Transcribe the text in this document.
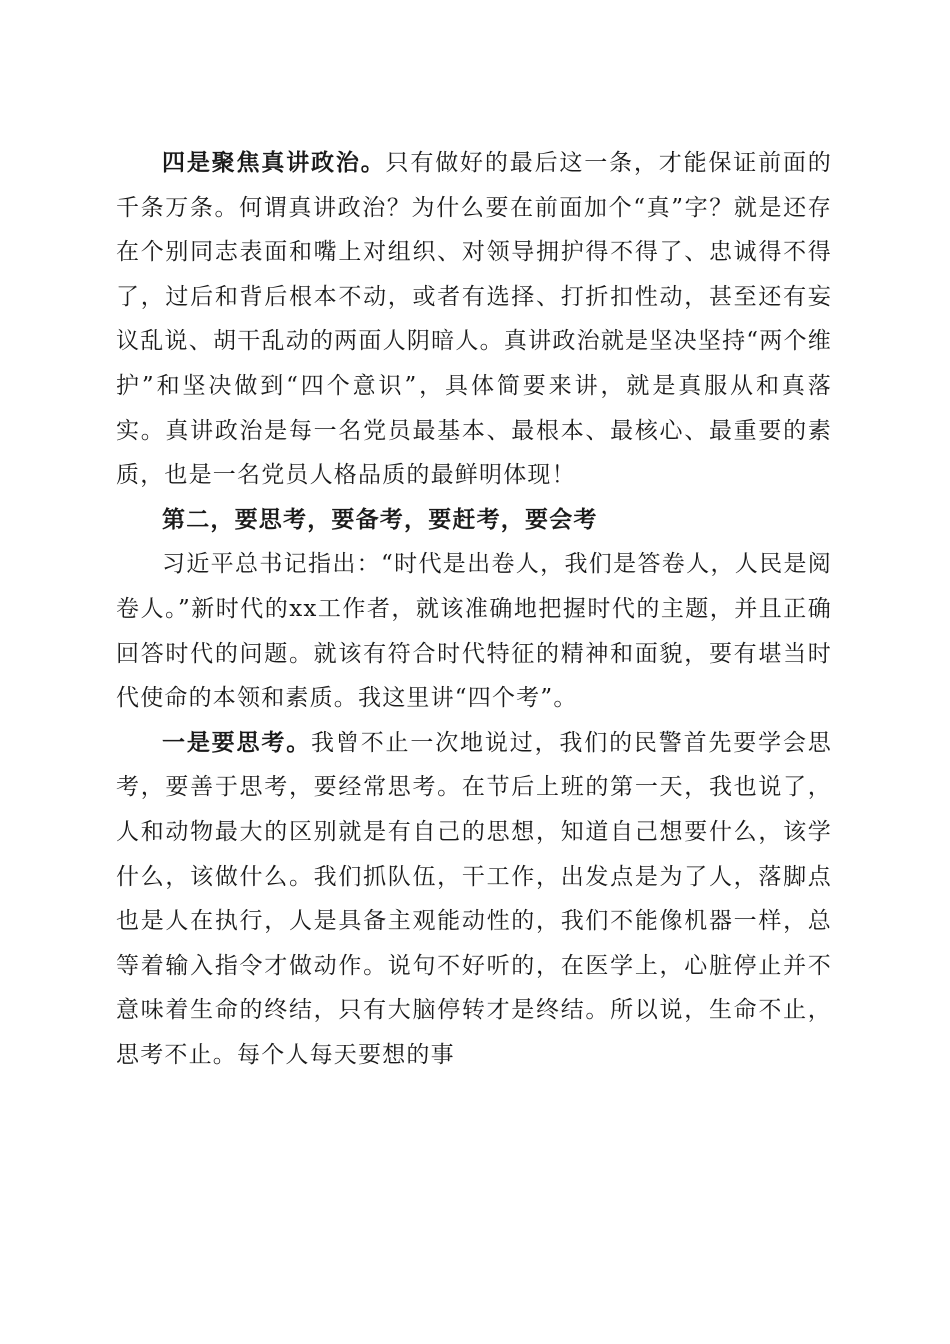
四是聚焦真讲政治。只有做好的最后这一条，才能保证前面的千条万条。何谓真讲政治？为什么要在前面加个“真”字？就是还存在个别同志表面和嘴上对组织、对领导拥护得不得了、忠诚得不得了，过后和背后根本不动，或者有选择、打折扣性动，甚至还有妄议乱说、胡干乱动的两面人阴暗人。真讲政治就是坚决坚持“两个维护”和坚决做到“四个意识”，具体简要来讲，就是真服从和真落实。真讲政治是每一名党员最基本、最根本、最核心、最重要的素质，也是一名党员人格品质的最鲜明体现！

第二，要思考，要备考，要赶考，要会考

习近平总书记指出：“时代是出卷人，我们是答卷人，人民是阅卷人。”新时代的xx工作者，就该准确地把握时代的主题，并且正确回答时代的问题。就该有符合时代特征的精神和面貌，要有堪当时代使命的本领和素质。我这里讲“四个考”。

一是要思考。我曾不止一次地说过，我们的民警首先要学会思考，要善于思考，要经常思考。在节后上班的第一天，我也说了，人和动物最大的区别就是有自己的思想，知道自己想要什么，该学什么，该做什么。我们抓队伍，干工作，出发点是为了人，落脚点也是人在执行，人是具备主观能动性的，我们不能像机器一样，总等着输入指令才做动作。说句不好听的，在医学上，心脏停止并不意味着生命的终结，只有大脑停转才是终结。所以说，生命不止，思考不止。每个人每天要想的事
